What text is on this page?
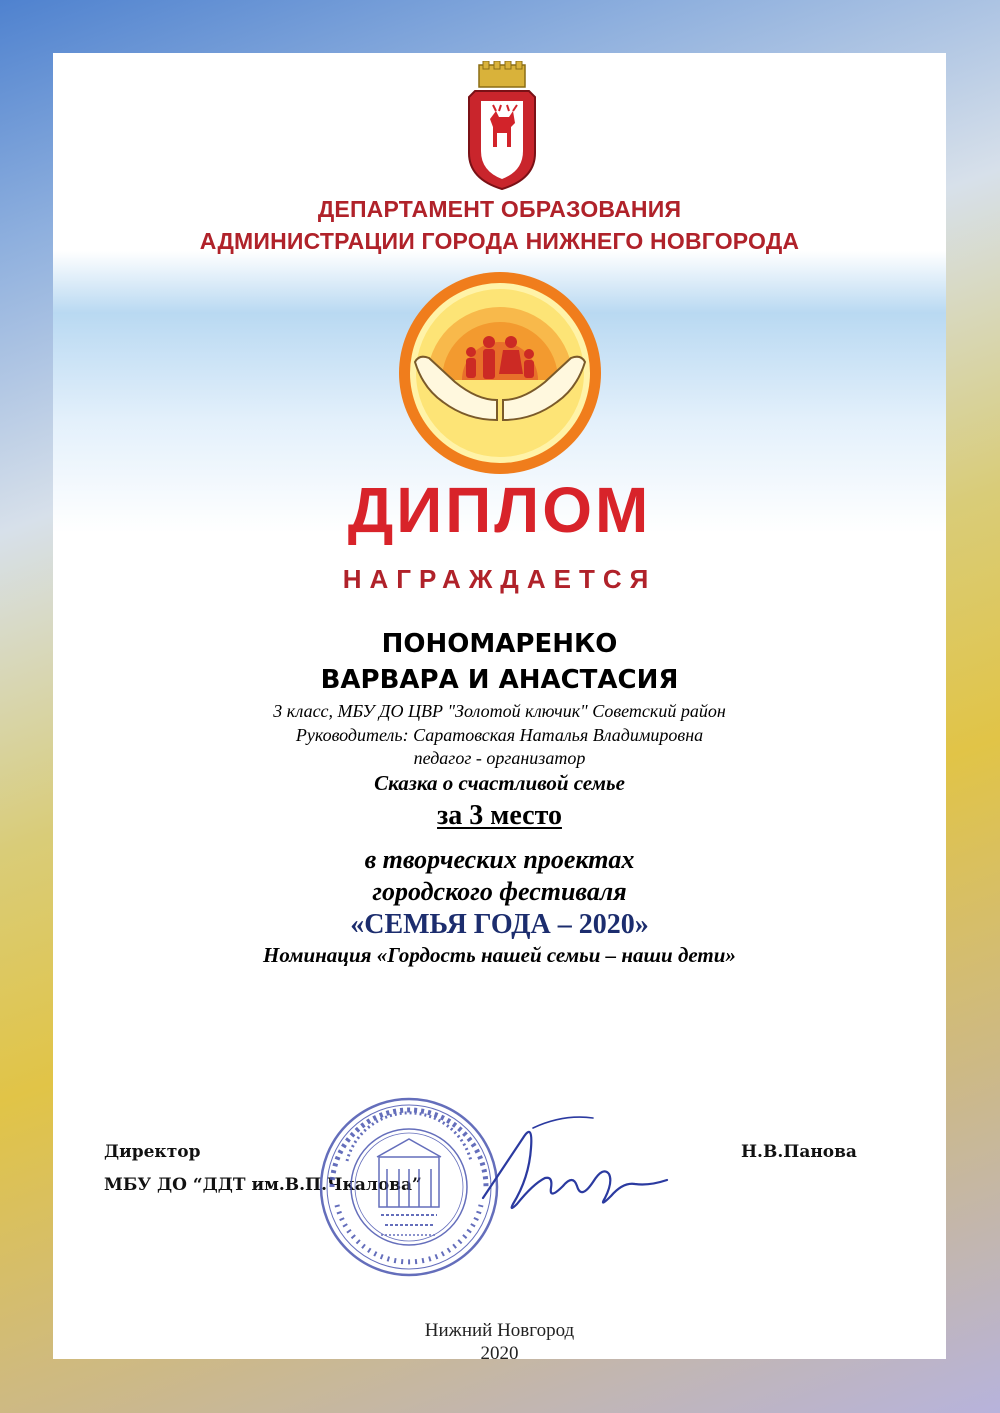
ДЕПАРТАМЕНТ ОБРАЗОВАНИЯ
АДМИНИСТРАЦИИ ГОРОДА НИЖНЕГО НОВГОРОДА
ДИПЛОМ
НАГРАЖДАЕТСЯ
ПОНОМАРЕНКО
ВАРВАРА И АНАСТАСИЯ
3 класс, МБУ ДО ЦВР "Золотой ключик" Советский район
Руководитель: Саратовская Наталья Владимировна
педагог - организатор
Сказка о счастливой семье
за 3 место
в творческих проектах
городского фестиваля
«СЕМЬЯ ГОДА – 2020»
Номинация «Гордость нашей семьи – наши дети»
Директор
МБУ ДО “ДДТ им.В.П.Чкалова”
Н.В.Панова
Нижний Новгород
2020
